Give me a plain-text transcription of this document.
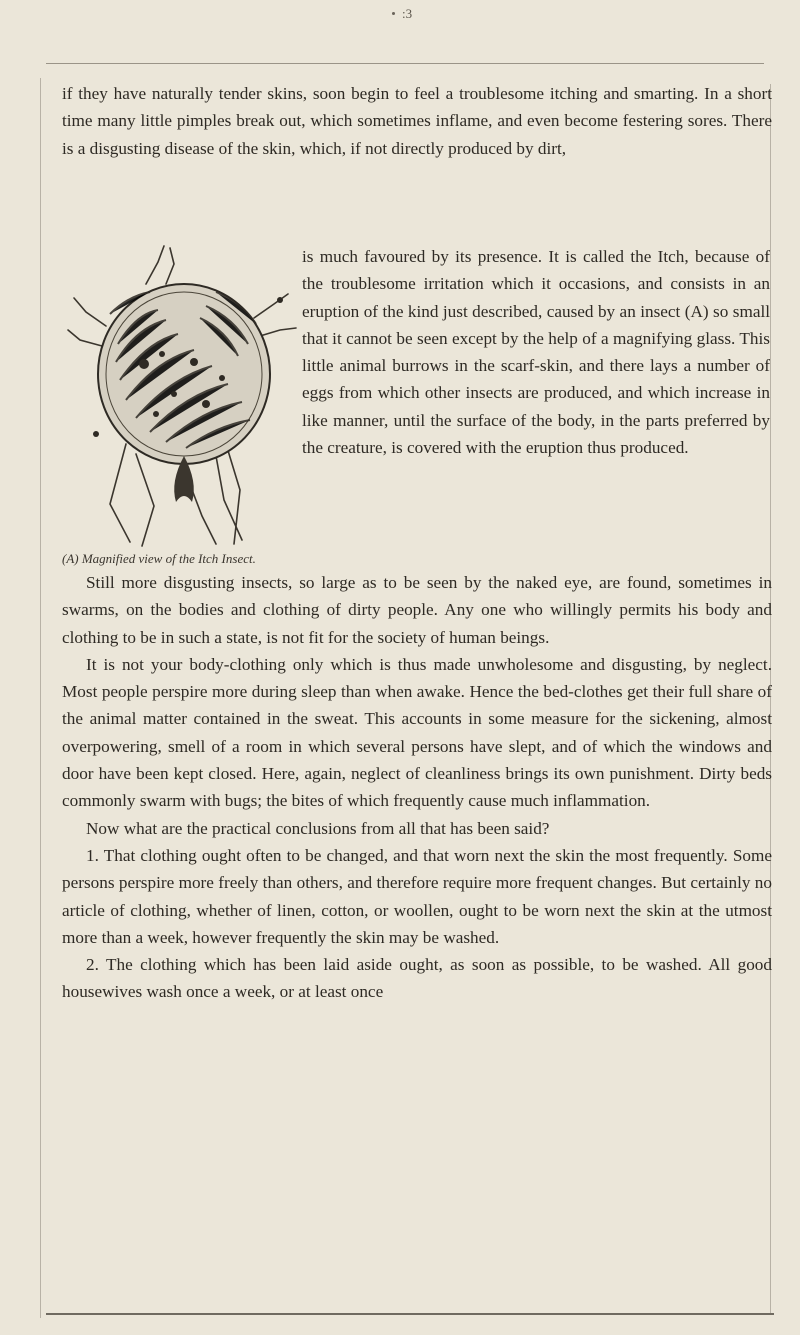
:3

if they have naturally tender skins, soon begin to feel a troublesome itching and smarting. In a short time many little pimples break out, which sometimes inflame, and even become festering sores. There is a disgusting disease of the skin, which, if not directly produced by dirt,

is much favoured by its presence. It is called the Itch, because of the troublesome irritation which it occasions, and consists in an eruption of the kind just described, caused by an insect (A) so small that it cannot be seen except by the help of a magnifying glass. This little animal burrows in the scarf-skin, and there lays a number of eggs from which other insects are produced, and which increase in like manner, until the surface of the body, in the parts preferred by the creature, is covered with the eruption thus produced.

(A) Magnified view of the Itch Insect.

Still more disgusting insects, so large as to be seen by the naked eye, are found, sometimes in swarms, on the bodies and clothing of dirty people. Any one who willingly permits his body and clothing to be in such a state, is not fit for the society of human beings.

It is not your body-clothing only which is thus made unwholesome and disgusting, by neglect. Most people perspire more during sleep than when awake. Hence the bed-clothes get their full share of the animal matter contained in the sweat. This accounts in some measure for the sickening, almost overpowering, smell of a room in which several persons have slept, and of which the windows and door have been kept closed. Here, again, neglect of cleanliness brings its own punishment. Dirty beds commonly swarm with bugs; the bites of which frequently cause much inflammation.

Now what are the practical conclusions from all that has been said?

1. That clothing ought often to be changed, and that worn next the skin the most frequently. Some persons perspire more freely than others, and therefore require more frequent changes. But certainly no article of clothing, whether of linen, cotton, or woollen, ought to be worn next the skin at the utmost more than a week, however frequently the skin may be washed.

2. The clothing which has been laid aside ought, as soon as possible, to be washed. All good housewives wash once a week, or at least once
